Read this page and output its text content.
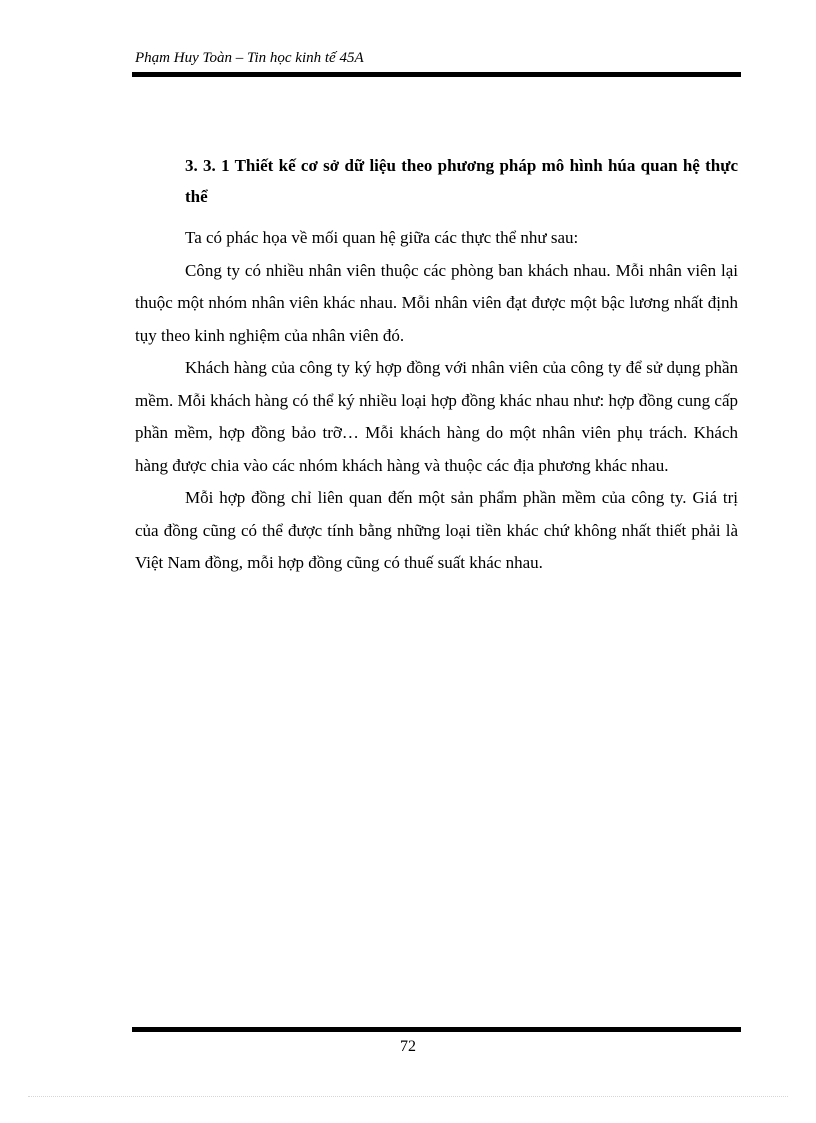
Phạm Huy Toàn – Tin học kinh tế 45A
3. 3. 1 Thiết kế cơ sở dữ liệu theo phương pháp mô hình húa quan hệ thực thể

Ta có phác họa về mối quan hệ giữa các thực thể như sau:

Công ty có nhiều nhân viên thuộc các phòng ban khách nhau. Mỗi nhân viên lại thuộc một nhóm nhân viên khác nhau. Mỗi nhân viên đạt được một bậc lương nhất định tụy theo kinh nghiệm của nhân viên đó.

Khách hàng của công ty ký hợp đồng với nhân viên của công ty để sử dụng phần mềm. Mỗi khách hàng có thể ký nhiều loại hợp đồng khác nhau như: hợp đồng cung cấp phần mềm, hợp đồng bảo trỡ… Mỗi khách hàng do một nhân viên phụ trách. Khách hàng được chia vào các nhóm khách hàng và thuộc các địa phương khác nhau.

Mỗi hợp đồng chỉ liên quan đến một sản phẩm phần mềm của công ty. Giá trị của đồng cũng có thể được tính bằng những loại tiền khác chứ không nhất thiết phải là Việt Nam đồng, mỗi hợp đồng cũng có thuế suất khác nhau.

72
